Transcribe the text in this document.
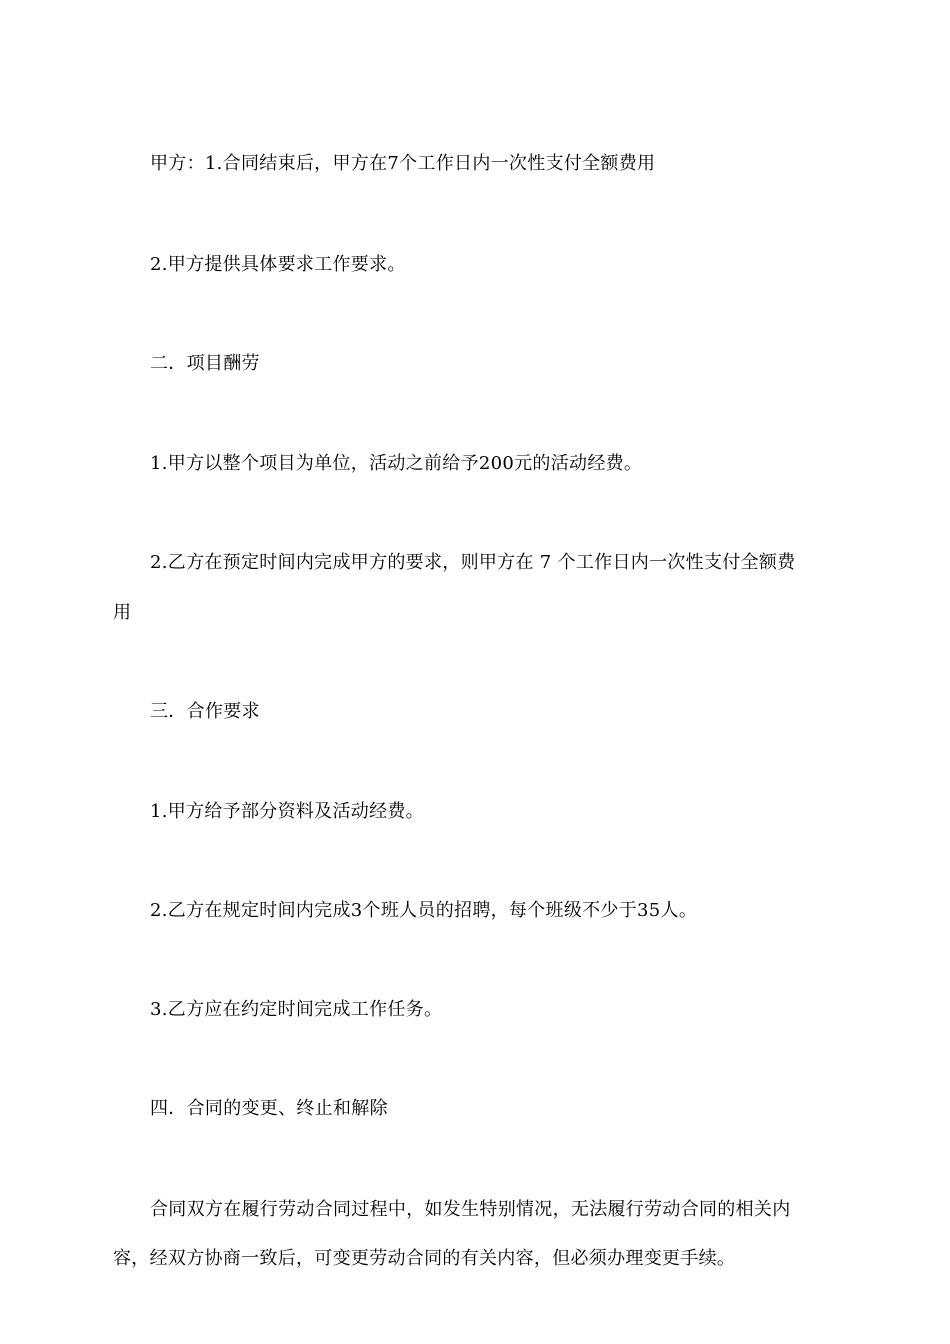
甲方：1.合同结束后，甲方在7个工作日内一次性支付全额费用
2.甲方提供具体要求工作要求。
二．项目酬劳
1.甲方以整个项目为单位，活动之前给予200元的活动经费。
2.乙方在预定时间内完成甲方的要求，则甲方在 7 个工作日内一次性支付全额费
用
三．合作要求
1.甲方给予部分资料及活动经费。
2.乙方在规定时间内完成3个班人员的招聘，每个班级不少于35人。
3.乙方应在约定时间完成工作任务。
四．合同的变更、终止和解除
合同双方在履行劳动合同过程中，如发生特别情况，无法履行劳动合同的相关内
容，经双方协商一致后，可变更劳动合同的有关内容，但必须办理变更手续。
